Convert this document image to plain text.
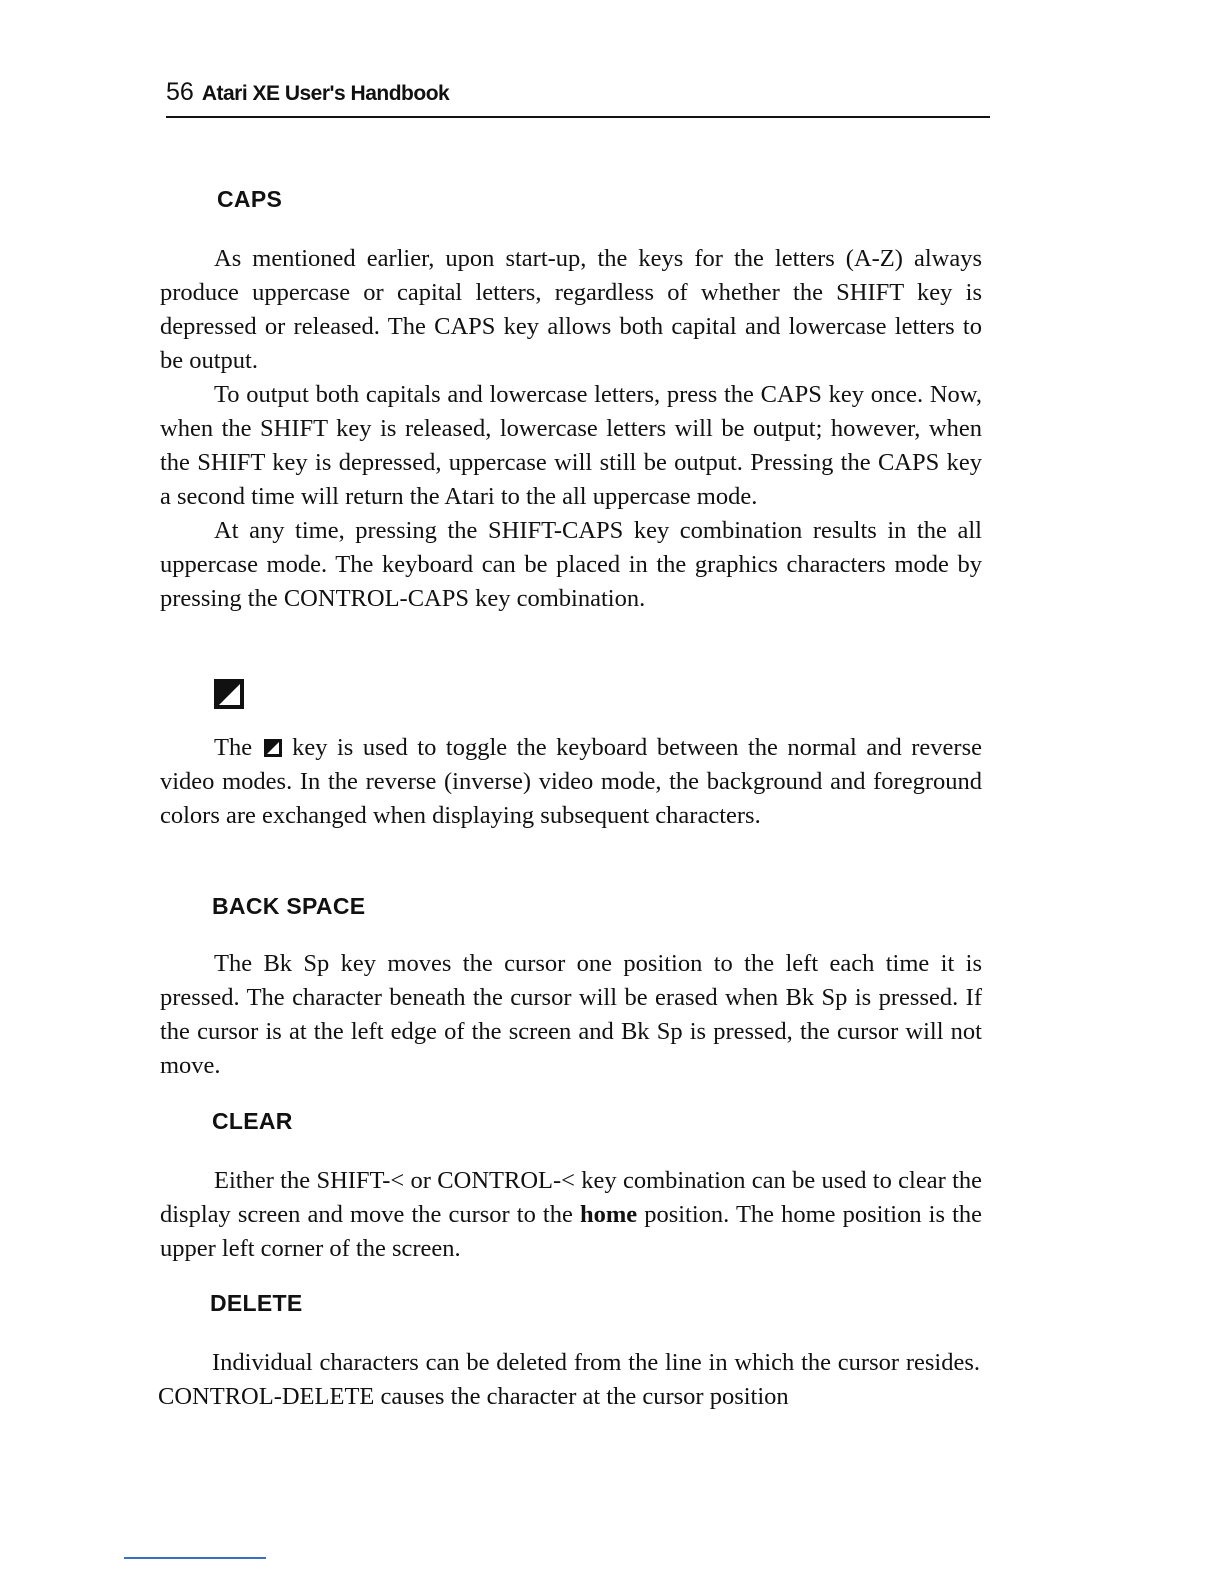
56 Atari XE User's Handbook
CAPS

As mentioned earlier, upon start-up, the keys for the letters (A-Z) always produce uppercase or capital letters, regardless of whether the SHIFT key is depressed or released. The CAPS key allows both capital and lowercase letters to be output.

To output both capitals and lowercase letters, press the CAPS key once. Now, when the SHIFT key is released, lowercase letters will be output; however, when the SHIFT key is depressed, uppercase will still be output. Pressing the CAPS key a second time will return the Atari to the all uppercase mode.

At any time, pressing the SHIFT-CAPS key combination results in the all uppercase mode. The keyboard can be placed in the graphics characters mode by pressing the CONTROL-CAPS key combination.

The key is used to toggle the keyboard between the normal and reverse video modes. In the reverse (inverse) video mode, the background and foreground colors are exchanged when displaying subsequent characters.

BACK SPACE

The Bk Sp key moves the cursor one position to the left each time it is pressed. The character beneath the cursor will be erased when Bk Sp is pressed. If the cursor is at the left edge of the screen and Bk Sp is pressed, the cursor will not move.

CLEAR

Either the SHIFT-< or CONTROL-< key combination can be used to clear the display screen and move the cursor to the home position. The home position is the upper left corner of the screen.

DELETE

Individual characters can be deleted from the line in which the cursor resides. CONTROL-DELETE causes the character at the cursor position
